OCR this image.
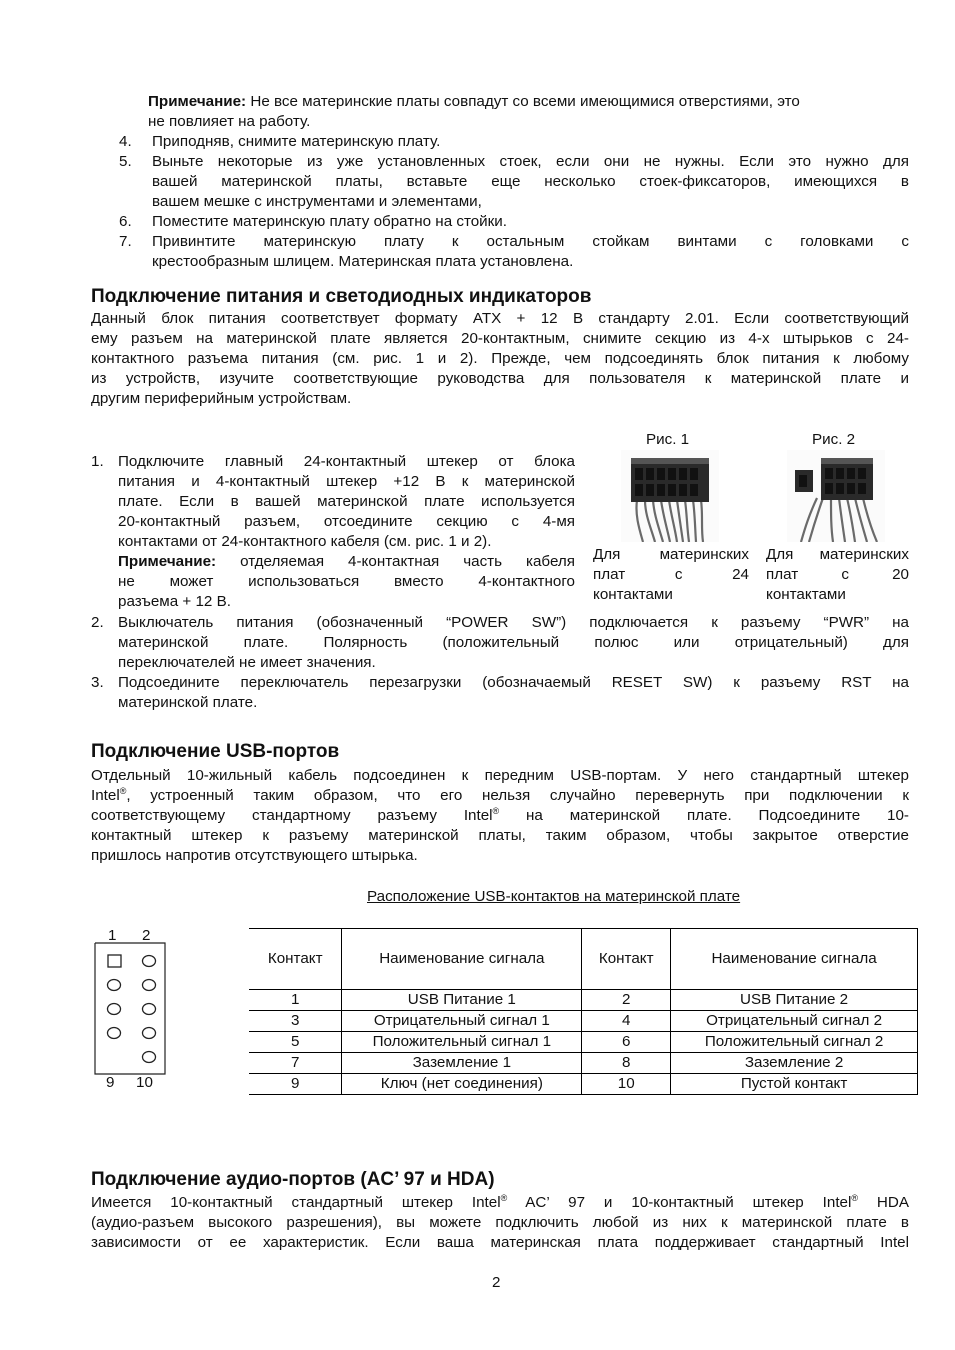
Примечание: Не все материнские платы совпадут со всеми имеющимися отверстиями, это
не повлияет на работу.
4. Приподняв, снимите материнскую плату.
5. Выньте некоторые из уже установленных стоек, если они не нужны. Если это нужно для
вашей материнской платы, вставьте еще несколько стоек-фиксаторов, имеющихся в
вашем мешке с инструментами и элементами,
6. Поместите материнскую плату обратно на стойки.
7. Привинтите материнскую плату к остальным стойкам винтами с головками с
крестообразным шлицем. Материнская плата установлена.
Подключение питания и светодиодных индикаторов
Данный блок питания соответствует формату ATX + 12 В стандарту 2.01. Если соответствующий
ему разъем на материнской плате является 20-контактным, снимите секцию из 4-х штырьков с 24-
контактного разъема питания (см. рис. 1 и 2). Прежде, чем подсоединять блок питания к любому
из устройств, изучите соответствующие руководства для пользователя к материнской плате и
другим периферийным устройствам.
Рис. 1
Для материнских
плат с 24
контактами
Рис. 2
Для материнских
плат с 20
контактами
1. Подключите главный 24-контактный штекер от блока
питания и 4-контактный штекер +12 В к материнской
плате. Если в вашей материнской плате используется
20-контактный разъем, отсоедините секцию с 4-мя
контактами от 24-контактного кабеля (см. рис. 1 и 2).
Примечание: отделяемая 4-контактная часть кабеля
не может использоваться вместо 4-контактного
разъема + 12 В.
2. Выключатель питания (обозначенный “POWER SW”) подключается к разъему “PWR” на
материнской плате. Полярность (положительный полюс или отрицательный) для
переключателей не имеет значения.
3. Подсоедините переключатель перезагрузки (обозначаемый RESET SW) к разъему RST на
материнской плате.
Подключение USB-портов
Отдельный 10-жильный кабель подсоединен к передним USB-портам. У него стандартный штекер
Intel®, устроенный таким образом, что его нельзя случайно перевернуть при подключении к
соответствующему стандартному разъему Intel® на материнской плате. Подсоедините 10-
контактный штекер к разъему материнской платы, таким образом, чтобы закрытое отверстие
пришлось напротив отсутствующего штырька.
Расположение USB-контактов на материнской плате
1 2
9 10
Контакт	Наименование сигнала	Контакт	Наименование сигнала
1	USB Питание 1	2	USB Питание 2
3	Отрицательный сигнал 1	4	Отрицательный сигнал 2
5	Положительный сигнал 1	6	Положительный сигнал 2
7	Заземление 1	8	Заземление 2
9	Ключ (нет соединения)	10	Пустой контакт
Подключение аудио-портов (AC’ 97 и HDA)
Имеется 10-контактный стандартный штекер Intel® AC’ 97 и 10-контактный штекер Intel® HDA
(аудио-разъем высокого разрешения), вы можете подключить любой из них к материнской плате в
зависимости от ее характеристик. Если ваша материнская плата поддерживает стандартный Intel
2
